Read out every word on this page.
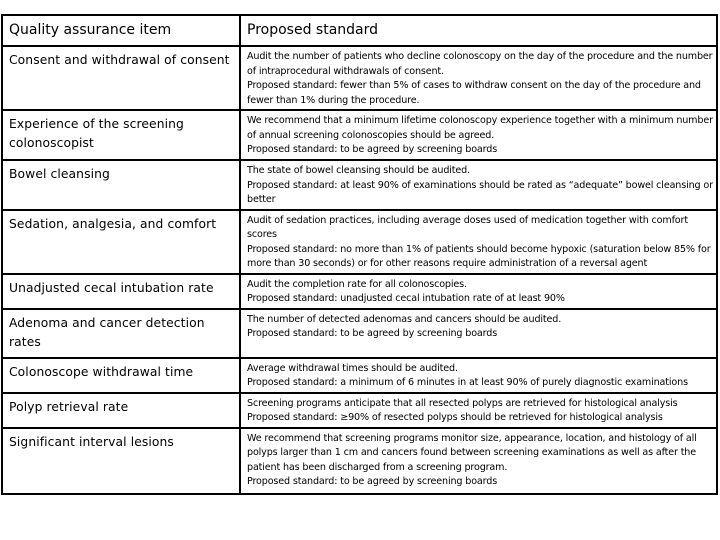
Quality assurance item	Proposed standard
Consent and withdrawal of consent	Audit the number of patients who decline colonoscopy on the day of the procedure and the number of intraprocedural withdrawals of consent.
Proposed standard: fewer than 5% of cases to withdraw consent on the day of the procedure and fewer than 1% during the procedure.

Experience of the screening colonoscopist	We recommend that a minimum lifetime colonoscopy experience together with a minimum number of annual screening colonoscopies should be agreed.
Proposed standard: to be agreed by screening boards

Bowel cleansing	The state of bowel cleansing should be audited.
Proposed standard: at least 90% of examinations should be rated as “adequate” bowel cleansing or better

Sedation, analgesia, and comfort	Audit of sedation practices, including average doses used of medication together with comfort scores
Proposed standard: no more than 1% of patients should become hypoxic (saturation below 85% for more than 30 seconds) or for other reasons require administration of a reversal agent

Unadjusted cecal intubation rate	Audit the completion rate for all colonoscopies.
Proposed standard: unadjusted cecal intubation rate of at least 90%

Adenoma and cancer detection rates	The number of detected adenomas and cancers should be audited.
Proposed standard: to be agreed by screening boards

Colonoscope withdrawal time	Average withdrawal times should be audited.
Proposed standard: a minimum of 6 minutes in at least 90% of purely diagnostic examinations

Polyp retrieval rate	Screening programs anticipate that all resected polyps are retrieved for histological analysis
Proposed standard: ≥90% of resected polyps should be retrieved for histological analysis

Significant interval lesions	We recommend that screening programs monitor size, appearance, location, and histology of all polyps larger than 1 cm and cancers found between screening examinations as well as after the patient has been discharged from a screening program.
Proposed standard: to be agreed by screening boards
